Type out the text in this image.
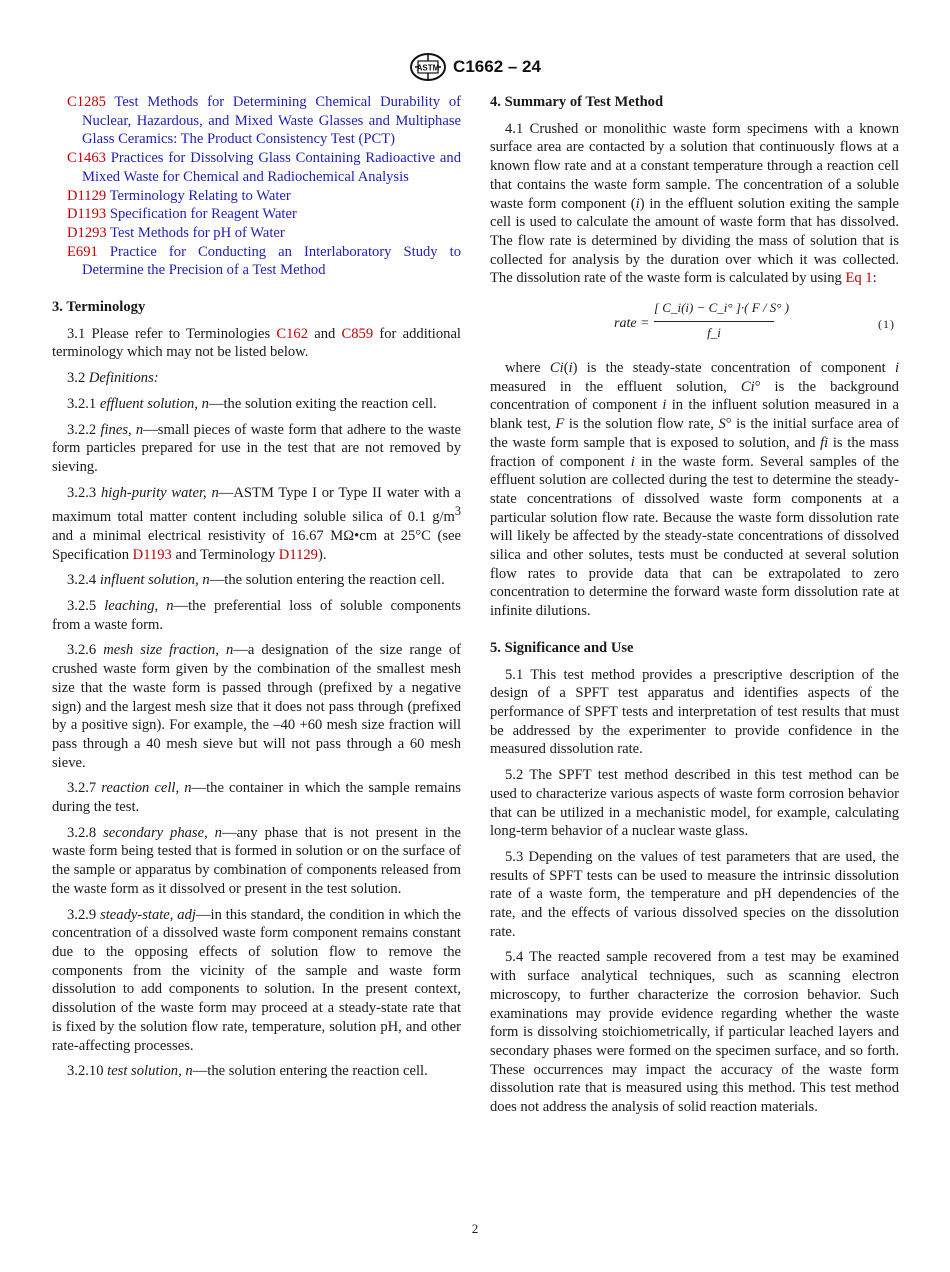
ASTM C1662 – 24
C1285 Test Methods for Determining Chemical Durability of Nuclear, Hazardous, and Mixed Waste Glasses and Multiphase Glass Ceramics: The Product Consistency Test (PCT)
C1463 Practices for Dissolving Glass Containing Radioactive and Mixed Waste for Chemical and Radiochemical Analysis
D1129 Terminology Relating to Water
D1193 Specification for Reagent Water
D1293 Test Methods for pH of Water
E691 Practice for Conducting an Interlaboratory Study to Determine the Precision of a Test Method
3. Terminology

3.1 Please refer to Terminologies C162 and C859 for additional terminology which may not be listed below.

3.2 Definitions:

3.2.1 effluent solution, n—the solution exiting the reaction cell.

3.2.2 fines, n—small pieces of waste form that adhere to the waste form particles prepared for use in the test that are not removed by sieving.

3.2.3 high-purity water, n—ASTM Type I or Type II water with a maximum total matter content including soluble silica of 0.1 $g/m^3$ and a minimal electrical resistivity of 16.67 MΩ•cm at 25°C (see Specification D1193 and Terminology D1129).

3.2.4 influent solution, n—the solution entering the reaction cell.

3.2.5 leaching, n—the preferential loss of soluble components from a waste form.

3.2.6 mesh size fraction, n—a designation of the size range of crushed waste form given by the combination of the smallest mesh size that the waste form is passed through (prefixed by a negative sign) and the largest mesh size that it does not pass through (prefixed by a positive sign). For example, the –40 +60 mesh size fraction will pass through a 40 mesh sieve but will not pass through a 60 mesh sieve.

3.2.7 reaction cell, n—the container in which the sample remains during the test.

3.2.8 secondary phase, n—any phase that is not present in the waste form being tested that is formed in solution or on the surface of the sample or apparatus by combination of components released from the waste form as it dissolved or present in the test solution.

3.2.9 steady-state, adj—in this standard, the condition in which the concentration of a dissolved waste form component remains constant due to the opposing effects of solution flow to remove the components from the vicinity of the sample and waste form dissolution to add components to solution. In the present context, dissolution of the waste form may proceed at a steady-state rate that is fixed by the solution flow rate, temperature, solution pH, and other rate-affecting processes.

3.2.10 test solution, n—the solution entering the reaction cell.

4. Summary of Test Method

4.1 Crushed or monolithic waste form specimens with a known surface area are contacted by a solution that continuously flows at a known flow rate and at a constant temperature through a reaction cell that contains the waste form sample. The concentration of a soluble waste form component (i) in the effluent solution exiting the sample cell is used to calculate the amount of waste form that has dissolved. The flow rate is determined by dividing the mass of solution that is collected for analysis by the duration over which it was collected. The dissolution rate of the waste form is calculated by using Eq 1:

rate = $\frac{[ C\_i(i) - C\_i^\circ ]\cdot( F / S^\circ )}{f\_i}$	(1)

where Ci(i) is the steady-state concentration of component i measured in the effluent solution, Ci° is the background concentration of component i in the influent solution measured in a blank test, F is the solution flow rate, S° is the initial surface area of the waste form sample that is exposed to solution, and fi is the mass fraction of component i in the waste form. Several samples of the effluent solution are collected during the test to determine the steady-state concentrations of dissolved waste form components at a particular solution flow rate. Because the waste form dissolution rate will likely be affected by the steady-state concentrations of dissolved silica and other solutes, tests must be conducted at several solution flow rates to provide data that can be extrapolated to zero concentration to determine the forward waste form dissolution rate at infinite dilutions.

5. Significance and Use

5.1 This test method provides a prescriptive description of the design of a SPFT test apparatus and identifies aspects of the performance of SPFT tests and interpretation of test results that must be addressed by the experimenter to provide confidence in the measured dissolution rate.

5.2 The SPFT test method described in this test method can be used to characterize various aspects of waste form corrosion behavior that can be utilized in a mechanistic model, for example, calculating long-term behavior of a nuclear waste glass.

5.3 Depending on the values of test parameters that are used, the results of SPFT tests can be used to measure the intrinsic dissolution rate of a waste form, the temperature and pH dependencies of the rate, and the effects of various dissolved species on the dissolution rate.

5.4 The reacted sample recovered from a test may be examined with surface analytical techniques, such as scanning electron microscopy, to further characterize the corrosion behavior. Such examinations may provide evidence regarding whether the waste form is dissolving stoichiometrically, if particular leached layers and secondary phases were formed on the specimen surface, and so forth. These occurrences may impact the accuracy of the waste form dissolution rate that is measured using this method. This test method does not address the analysis of solid reaction materials.

2
